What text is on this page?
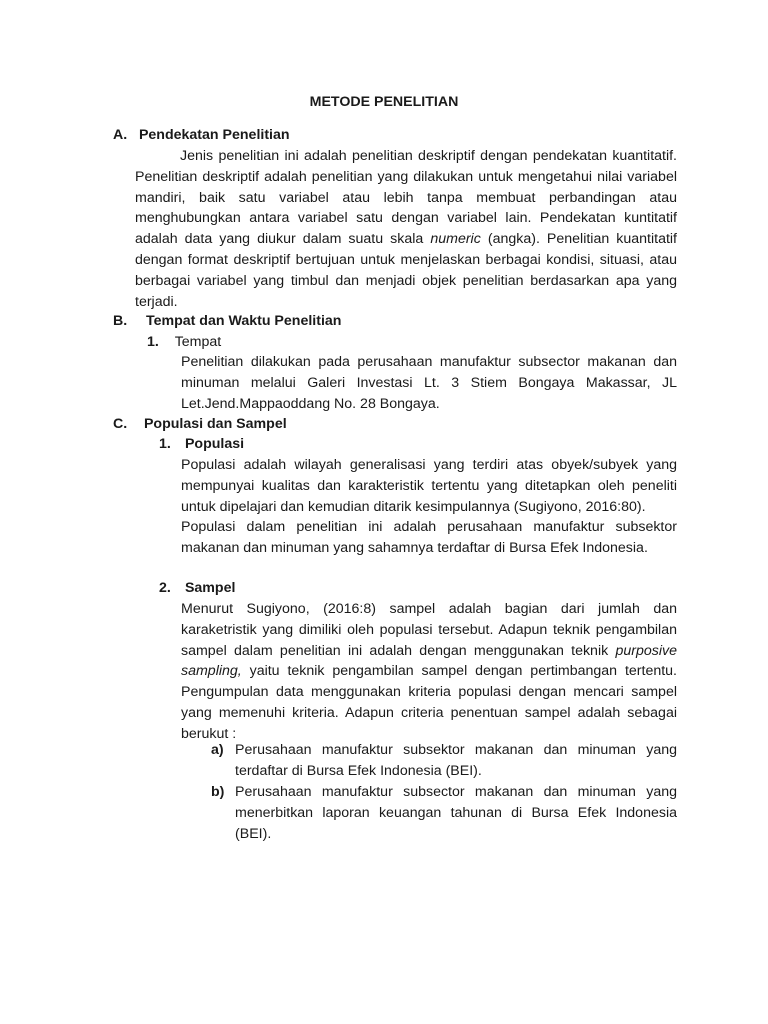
METODE PENELITIAN
A. Pendekatan Penelitian

Jenis penelitian ini adalah penelitian deskriptif dengan pendekatan kuantitatif. Penelitian deskriptif adalah penelitian yang dilakukan untuk mengetahui nilai variabel mandiri, baik satu variabel atau lebih tanpa membuat perbandingan atau menghubungkan antara variabel satu dengan variabel lain. Pendekatan kuntitatif adalah data yang diukur dalam suatu skala numeric (angka). Penelitian kuantitatif dengan format deskriptif bertujuan untuk menjelaskan berbagai kondisi, situasi, atau berbagai variabel yang timbul dan menjadi objek penelitian berdasarkan apa yang terjadi.

B. Tempat dan Waktu Penelitian
1. Tempat

Penelitian dilakukan pada perusahaan manufaktur subsector makanan dan minuman melalui Galeri Investasi Lt. 3 Stiem Bongaya Makassar, JL Let.Jend.Mappaoddang No. 28 Bongaya.

C. Populasi dan Sampel
1. Populasi

Populasi adalah wilayah generalisasi yang terdiri atas obyek/subyek yang mempunyai kualitas dan karakteristik tertentu yang ditetapkan oleh peneliti untuk dipelajari dan kemudian ditarik kesimpulannya (Sugiyono, 2016:80).

Populasi dalam penelitian ini adalah perusahaan manufaktur subsektor makanan dan minuman yang sahamnya terdaftar di Bursa Efek Indonesia.

2. Sampel

Menurut Sugiyono, (2016:8) sampel adalah bagian dari jumlah dan karaketristik yang dimiliki oleh populasi tersebut. Adapun teknik pengambilan sampel dalam penelitian ini adalah dengan menggunakan teknik purposive sampling, yaitu teknik pengambilan sampel dengan pertimbangan tertentu. Pengumpulan data menggunakan kriteria populasi dengan mencari sampel yang memenuhi kriteria. Adapun criteria penentuan sampel adalah sebagai berukut :

a) Perusahaan manufaktur subsektor makanan dan minuman yang terdaftar di Bursa Efek Indonesia (BEI).
b) Perusahaan manufaktur subsector makanan dan minuman yang menerbitkan laporan keuangan tahunan di Bursa Efek Indonesia (BEI).
